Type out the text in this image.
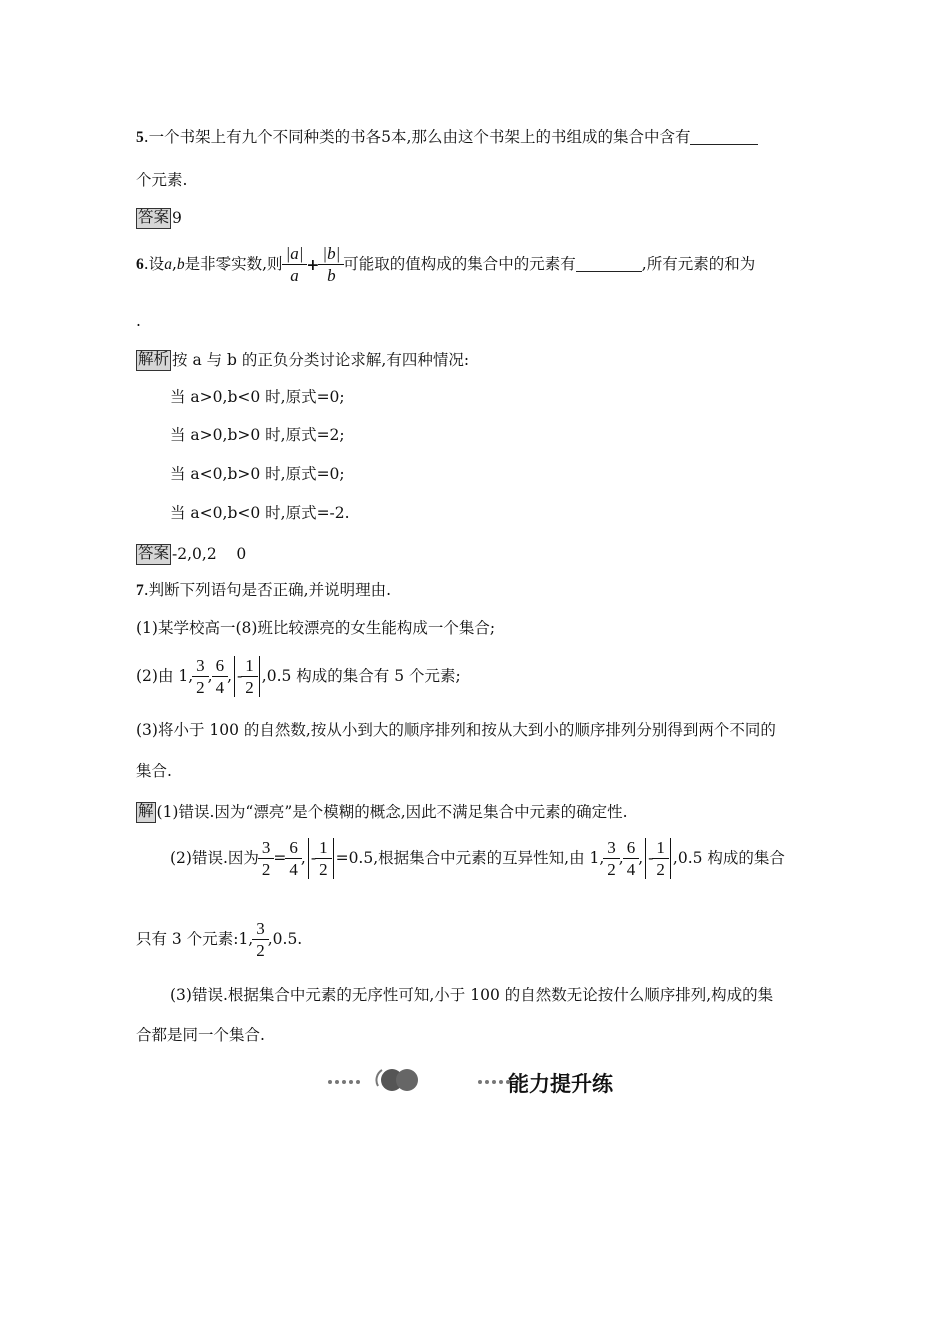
5 .一个书架上有九个不同种类的书各5本,那么由这个书架上的书组成的集合中含有
个元素.
答案 9
6 .设 a , b 是非零实数,则 $\frac{|a|}{a} + \frac{|b|}{b}$ 可能取的值构成的集合中的元素有	,所有元素的和为
.
解析 按 a 与 b 的正负分类讨论求解,有四种情况:
当 a>0,b<0 时,原式=0;
当 a>0,b>0 时,原式=2;
当 a<0,b>0 时,原式=0;
当 a<0,b<0 时,原式=-2.
答案 -2,0,2    0
7 .判断下列语句是否正确,并说明理由.
(1)某学校高一(8)班比较漂亮的女生能构成一个集合;
(2)由 1, $\frac{3}{2}$ , $\frac{6}{4}$ , - $\frac{1}{2} ,0.5$ 构成的集合有 5 个元素;
(3)将小于 100 的自然数,按从小到大的顺序排列和按从大到小的顺序排列分别得到两个不同的
集合.
解 (1)错误.因为“漂亮”是个模糊的概念,因此不满足集合中元素的确定性.
(2)错误.因为 $\frac{3}{2} = \frac{6}{4}$ , - $\frac{1}{2} =0.5$,根据集合中元素的互异性知,由 1, $\frac{3}{2}$ , $\frac{6}{4}$ , - $\frac{1}{2} ,0.5$ 构成的集合
只有 3 个元素:1, $\frac{3}{2} ,0.5$.
(3)错误.根据集合中元素的无序性可知,小于 100 的自然数无论按什么顺序排列,构成的集
合都是同一个集合.
能力提升练
